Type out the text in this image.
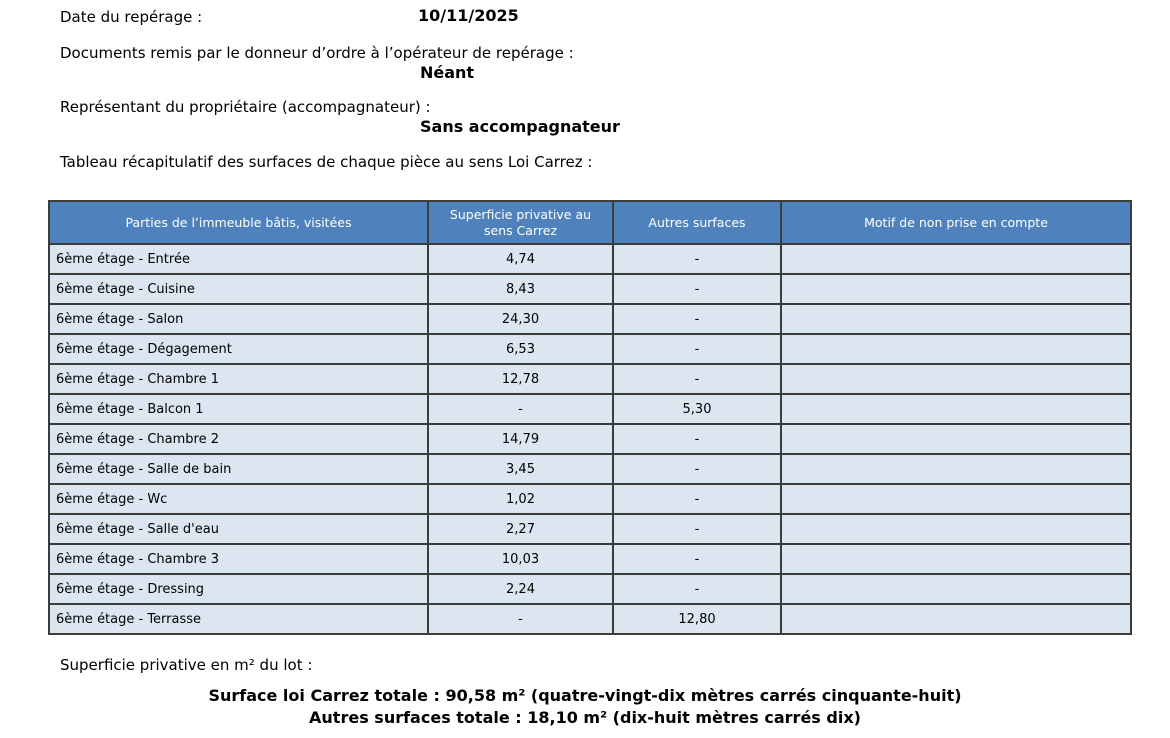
Date du repérage :	10/11/2025
Documents remis par le donneur d’ordre à l’opérateur de repérage :
Néant
Représentant du propriétaire (accompagnateur) :
Sans accompagnateur
Tableau récapitulatif des surfaces de chaque pièce au sens Loi Carrez :
Parties de l’immeuble bâtis, visitées	Superficie privative au sens Carrez	Autres surfaces	Motif de non prise en compte
6ème étage - Entrée	4,74	-	
6ème étage - Cuisine	8,43	-	
6ème étage - Salon	24,30	-	
6ème étage - Dégagement	6,53	-	
6ème étage - Chambre 1	12,78	-	
6ème étage - Balcon 1	-	5,30	
6ème étage - Chambre 2	14,79	-	
6ème étage - Salle de bain	3,45	-	
6ème étage - Wc	1,02	-	
6ème étage - Salle d'eau	2,27	-	
6ème étage - Chambre 3	10,03	-	
6ème étage - Dressing	2,24	-	
6ème étage - Terrasse	-	12,80	
Superficie privative en m² du lot :
Surface loi Carrez totale : 90,58 m² (quatre-vingt-dix mètres carrés cinquante-huit)
Autres surfaces totale : 18,10 m² (dix-huit mètres carrés dix)
